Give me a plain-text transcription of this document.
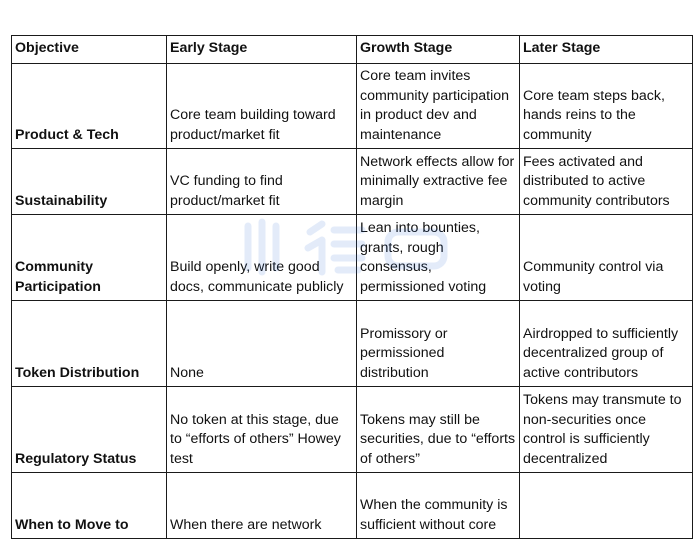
Objective	Early Stage	Growth Stage	Later Stage
Product & Tech	Core team building toward product/market fit	Core team invites community participation in product dev and maintenance	Core team steps back, hands reins to the community
Sustainability	VC funding to find product/market fit	Network effects allow for minimally extractive fee margin	Fees activated and distributed to active community contributors
Community Participation	Build openly, write good docs, communicate publicly	Lean into bounties, grants, rough consensus, permissioned voting	Community control via voting
Token Distribution	None	Promissory or permissioned distribution	Airdropped to sufficiently decentralized group of active contributors
Regulatory Status	No token at this stage, due to “efforts of others” Howey test	Tokens may still be securities, due to “efforts of others”	Tokens may transmute to non-securities once control is sufficiently decentralized
When to Move to	When there are network	When the community is sufficient without core	
